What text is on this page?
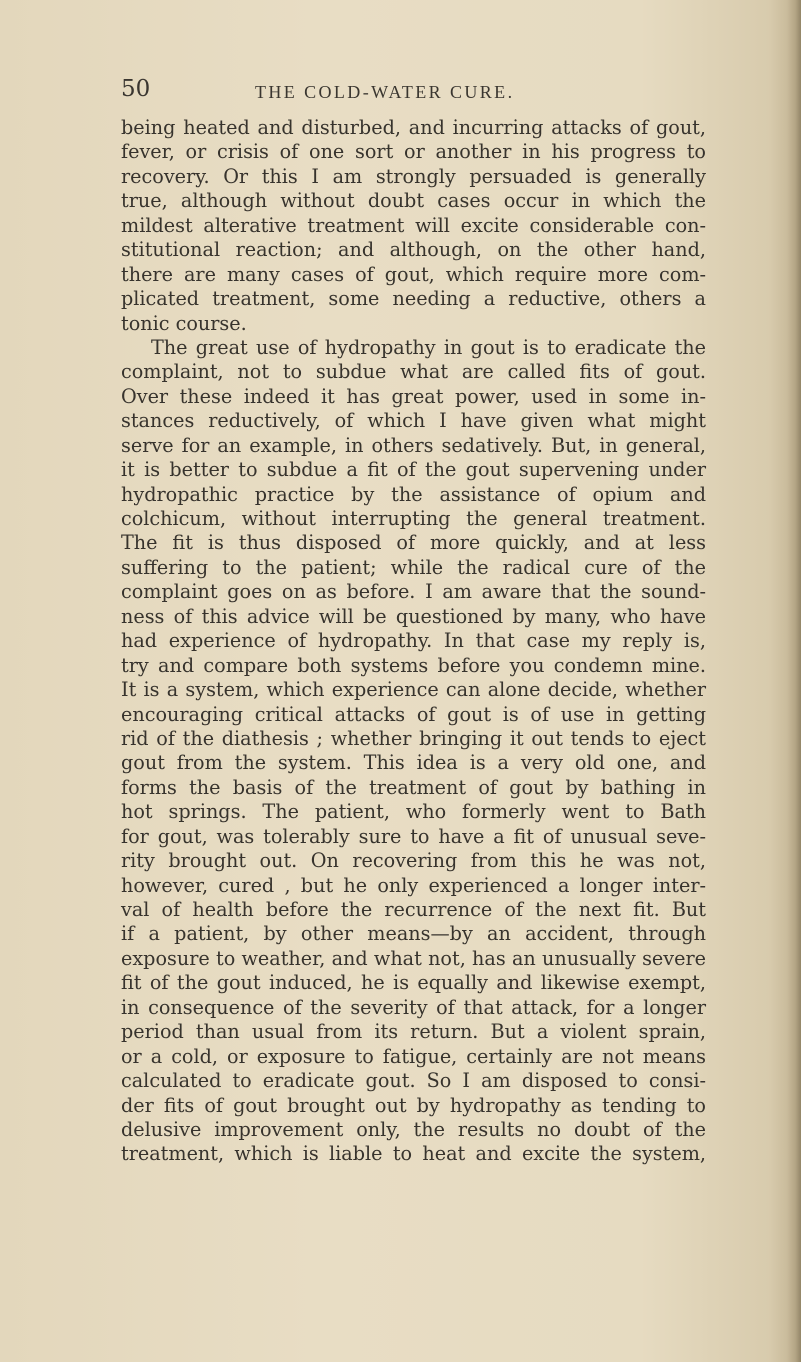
50	THE COLD-WATER CURE.
being heated and disturbed, and incurring attacks of gout,
fever, or crisis of one sort or another in his progress to
recovery. Or this I am strongly persuaded is generally
true, although without doubt cases occur in which the
mildest alterative treatment will excite considerable con-
stitutional reaction; and although, on the other hand,
there are many cases of gout, which require more com-
plicated treatment, some needing a reductive, others a
tonic course.
The great use of hydropathy in gout is to eradicate the
complaint, not to subdue what are called fits of gout.
Over these indeed it has great power, used in some in-
stances reductively, of which I have given what might
serve for an example, in others sedatively. But, in general,
it is better to subdue a fit of the gout supervening under
hydropathic practice by the assistance of opium and
colchicum, without interrupting the general treatment.
The fit is thus disposed of more quickly, and at less
suffering to the patient; while the radical cure of the
complaint goes on as before. I am aware that the sound-
ness of this advice will be questioned by many, who have
had experience of hydropathy. In that case my reply is,
try and compare both systems before you condemn mine.
It is a system, which experience can alone decide, whether
encouraging critical attacks of gout is of use in getting
rid of the diathesis ; whether bringing it out tends to eject
gout from the system. This idea is a very old one, and
forms the basis of the treatment of gout by bathing in
hot springs. The patient, who formerly went to Bath
for gout, was tolerably sure to have a fit of unusual seve-
rity brought out. On recovering from this he was not,
however, cured , but he only experienced a longer inter-
val of health before the recurrence of the next fit. But
if a patient, by other means—by an accident, through
exposure to weather, and what not, has an unusually severe
fit of the gout induced, he is equally and likewise exempt,
in consequence of the severity of that attack, for a longer
period than usual from its return. But a violent sprain,
or a cold, or exposure to fatigue, certainly are not means
calculated to eradicate gout. So I am disposed to consi-
der fits of gout brought out by hydropathy as tending to
delusive improvement only, the results no doubt of the
treatment, which is liable to heat and excite the system,
